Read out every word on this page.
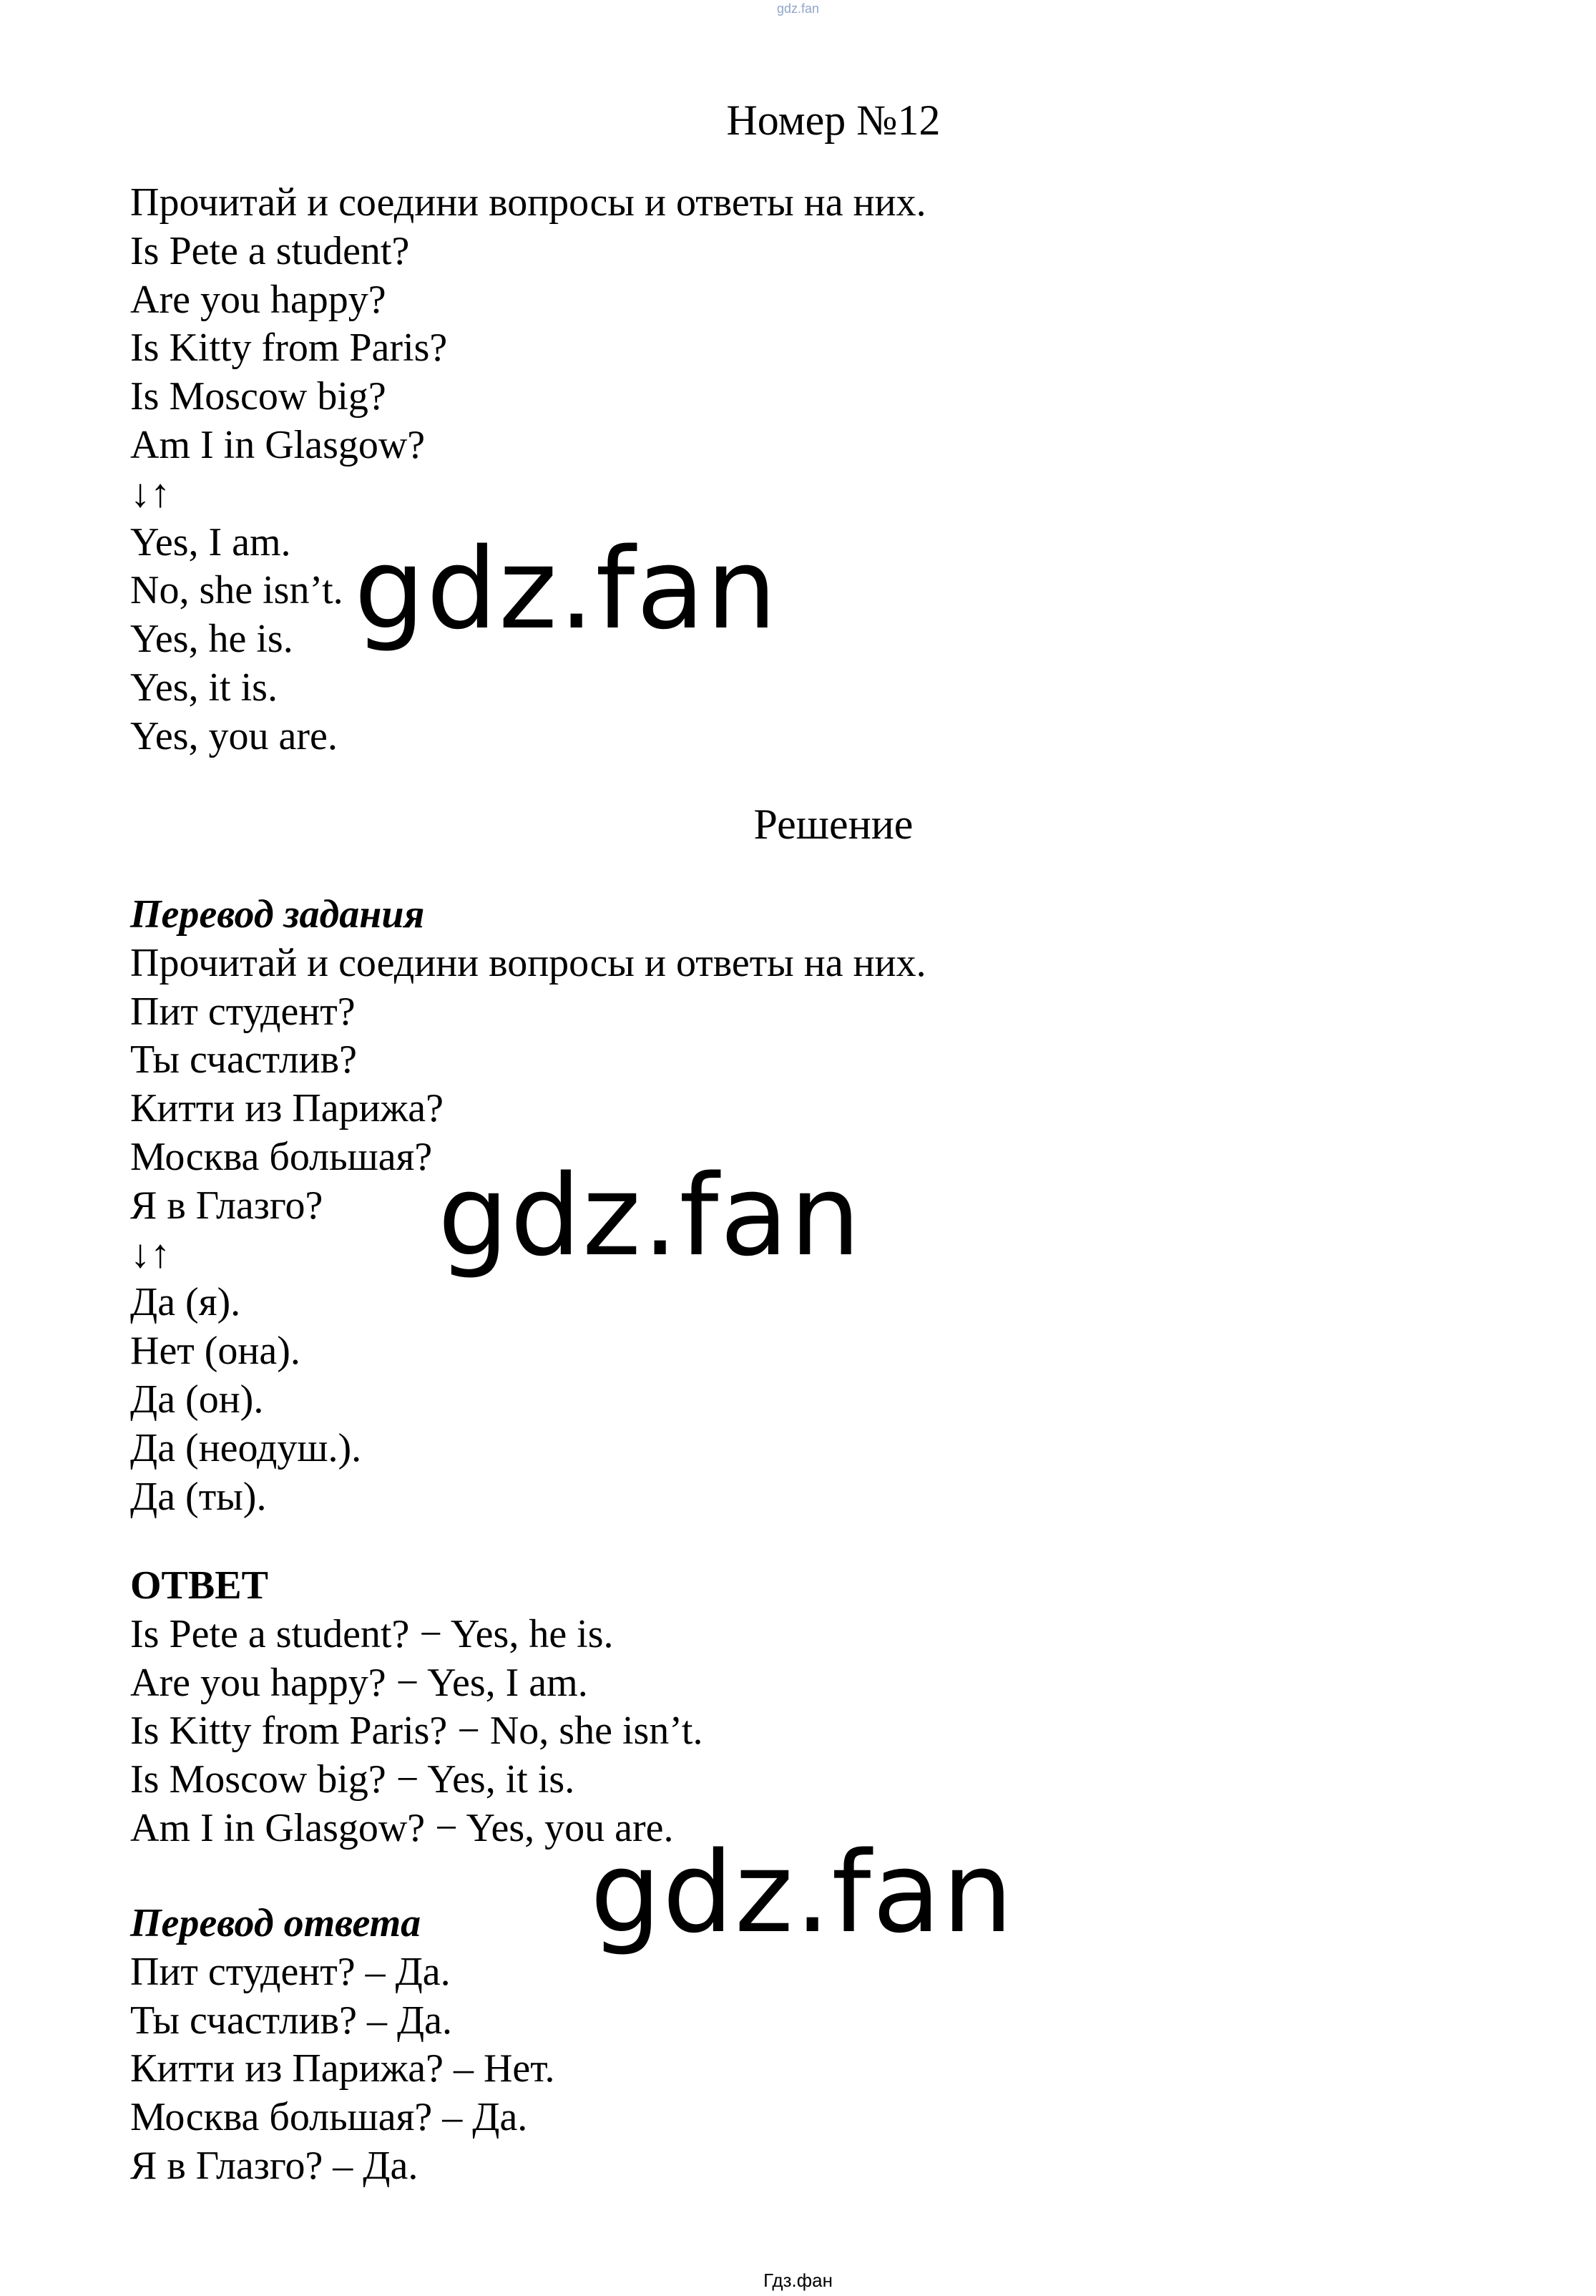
gdz.fan
Номер №12
Прочитай и соедини вопросы и ответы на них.
Is Pete a student?
Are you happy?
Is Kitty from Paris?
Is Moscow big?
Am I in Glasgow?
↓↑
Yes, I am.
No, she isn’t.
Yes, he is.
Yes, it is.
Yes, you are.
Решение
Перевод задания
Прочитай и соедини вопросы и ответы на них.
Пит студент?
Ты счастлив?
Китти из Парижа?
Москва большая?
Я в Глазго?
↓↑
Да (я).
Нет (она).
Да (он).
Да (неодуш.).
Да (ты).
ОТВЕТ
Is Pete a student? − Yes, he is.
Are you happy? − Yes, I am.
Is Kitty from Paris? − No, she isn’t.
Is Moscow big? − Yes, it is.
Am I in Glasgow? − Yes, you are.
Перевод ответа
Пит студент? – Да.
Ты счастлив? – Да.
Китти из Парижа? – Нет.
Москва большая? – Да.
Я в Глазго? – Да.
gdz.fan
gdz.fan
gdz.fan
Гдз.фан
